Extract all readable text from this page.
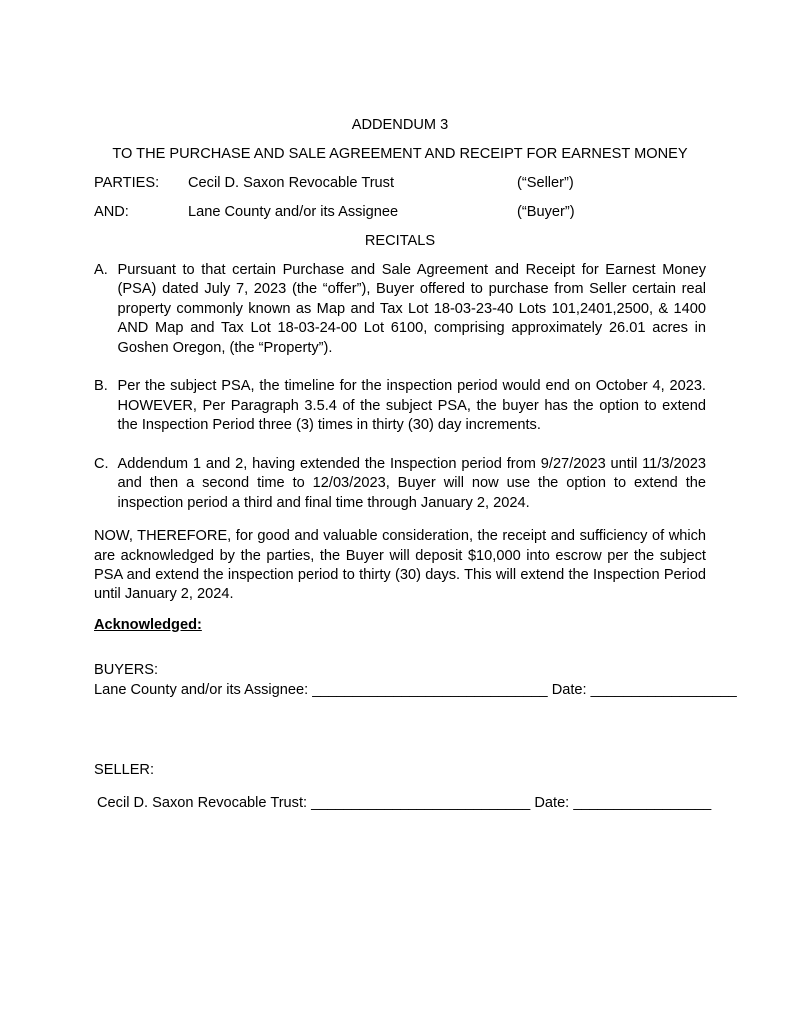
ADDENDUM 3
TO THE PURCHASE AND SALE AGREEMENT AND RECEIPT FOR EARNEST MONEY
PARTIES:	Cecil D. Saxon Revocable Trust	(“Seller”)
AND:	Lane County and/or its Assignee	(“Buyer”)
RECITALS
A. Pursuant to that certain Purchase and Sale Agreement and Receipt for Earnest Money (PSA) dated July 7, 2023 (the “offer”), Buyer offered to purchase from Seller certain real property commonly known as Map and Tax Lot 18-03-23-40 Lots 101,2401,2500, & 1400 AND Map and Tax Lot 18-03-24-00 Lot 6100, comprising approximately 26.01 acres in Goshen Oregon, (the “Property”).
B. Per the subject PSA, the timeline for the inspection period would end on October 4, 2023. HOWEVER, Per Paragraph 3.5.4 of the subject PSA, the buyer has the option to extend the Inspection Period three (3) times in thirty (30) day increments.
C. Addendum 1 and 2, having extended the Inspection period from 9/27/2023 until 11/3/2023 and then a second time to 12/03/2023, Buyer will now use the option to extend the inspection period a third and final time through January 2, 2024.

NOW, THEREFORE, for good and valuable consideration, the receipt and sufficiency of which are acknowledged by the parties, the Buyer will deposit $10,000 into escrow per the subject PSA and extend the inspection period to thirty (30) days. This will extend the Inspection Period until January 2, 2024.

Acknowledged:
BUYERS:
Lane County and/or its Assignee: _____________________________ Date: __________________
SELLER:
Cecil D. Saxon Revocable Trust: ___________________________ Date: _________________
